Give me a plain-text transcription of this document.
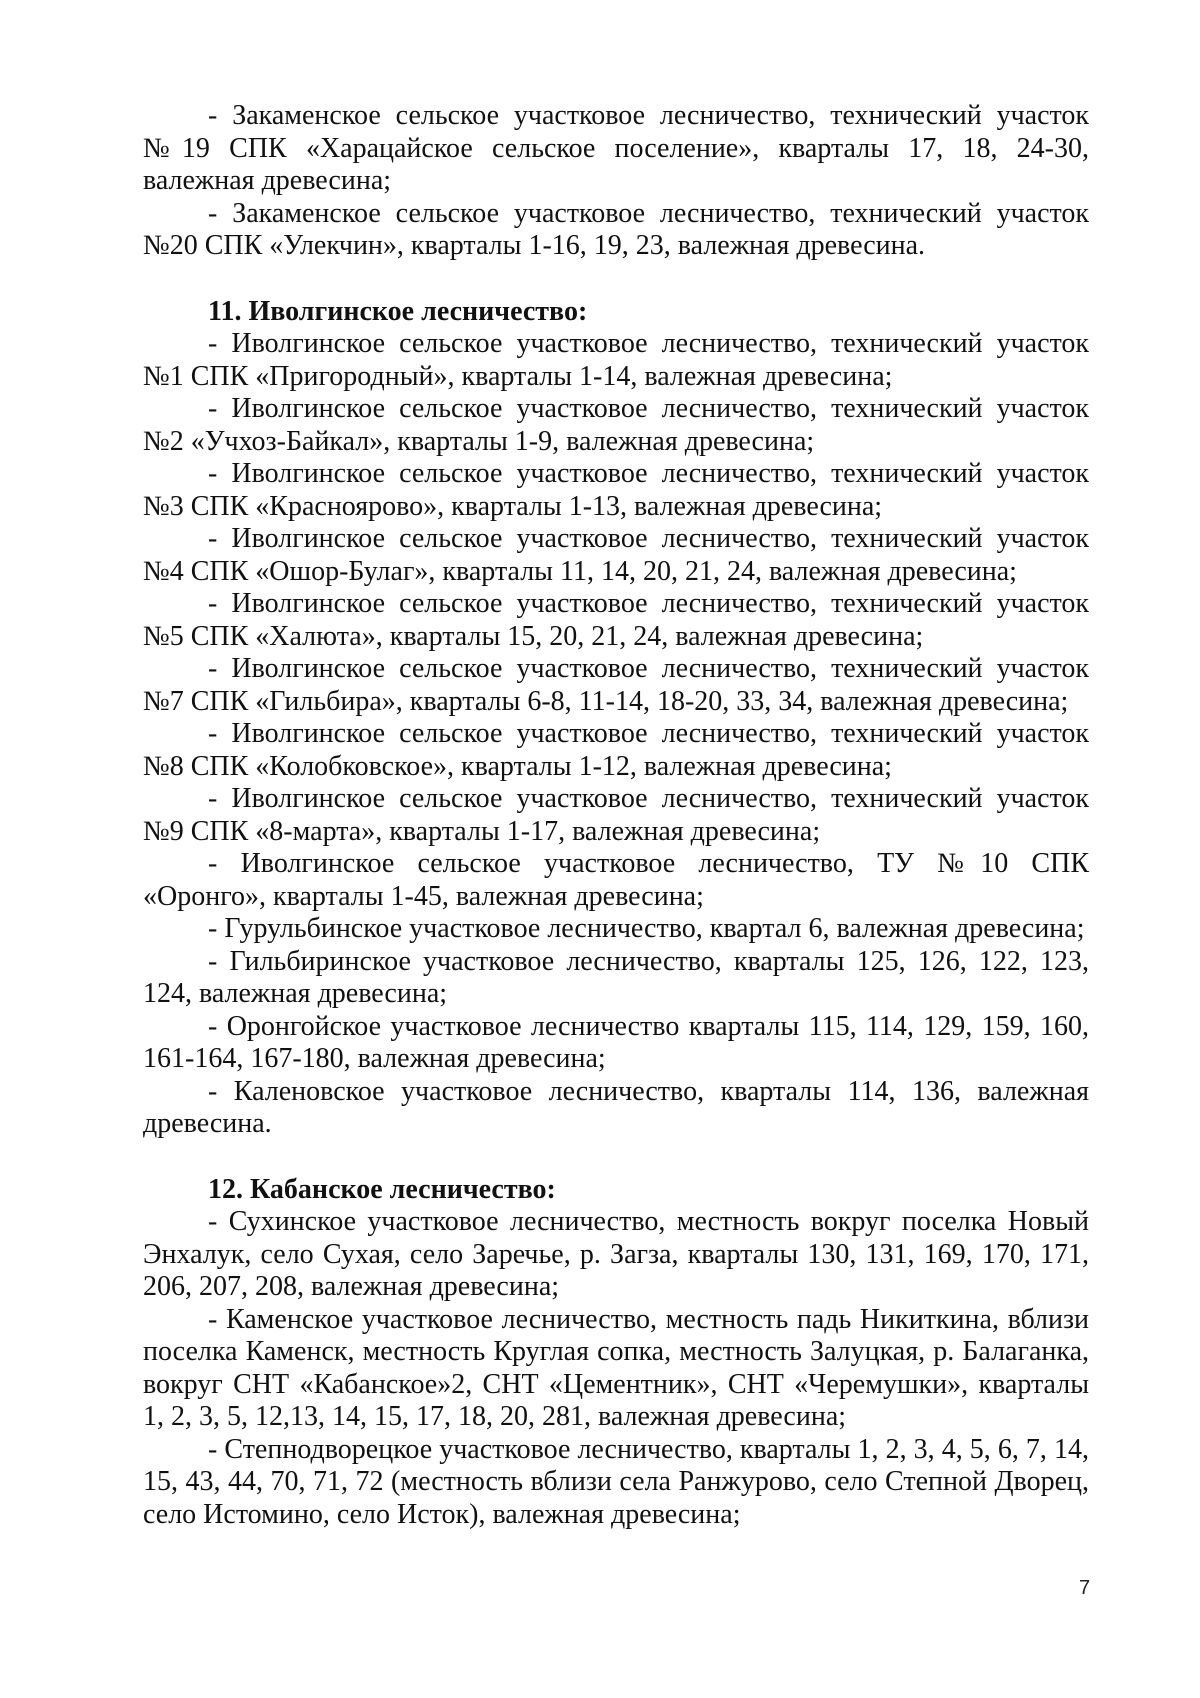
- Закаменское сельское участковое лесничество, технический участок №19 СПК «Харацайское сельское поселение», кварталы 17, 18, 24-30, валежная древесина;

- Закаменское сельское участковое лесничество, технический участок №20 СПК «Улекчин», кварталы 1-16, 19, 23, валежная древесина.

11. Иволгинское лесничество:

- Иволгинское сельское участковое лесничество, технический участок №1 СПК «Пригородный», кварталы 1-14, валежная древесина;

- Иволгинское сельское участковое лесничество, технический участок №2 «Учхоз-Байкал», кварталы 1-9, валежная древесина;

- Иволгинское сельское участковое лесничество, технический участок №3 СПК «Красноярово», кварталы 1-13, валежная древесина;

- Иволгинское сельское участковое лесничество, технический участок №4 СПК «Ошор-Булаг», кварталы 11, 14, 20, 21, 24, валежная древесина;

- Иволгинское сельское участковое лесничество, технический участок №5 СПК «Халюта», кварталы 15, 20, 21, 24, валежная древесина;

- Иволгинское сельское участковое лесничество, технический участок №7 СПК «Гильбира», кварталы 6-8, 11-14, 18-20, 33, 34, валежная древесина;

- Иволгинское сельское участковое лесничество, технический участок №8 СПК «Колобковское», кварталы 1-12, валежная древесина;

- Иволгинское сельское участковое лесничество, технический участок №9 СПК «8-марта», кварталы 1-17, валежная древесина;

- Иволгинское сельское участковое лесничество, ТУ №10 СПК «Оронго», кварталы 1-45, валежная древесина;

- Гурульбинское участковое лесничество, квартал 6, валежная древесина;

- Гильбиринское участковое лесничество, кварталы 125, 126, 122, 123, 124, валежная древесина;

- Оронгойское участковое лесничество кварталы 115, 114, 129, 159, 160, 161-164, 167-180, валежная древесина;

- Каленовское участковое лесничество, кварталы 114, 136, валежная древесина.

12. Кабанское лесничество:

- Сухинское участковое лесничество, местность вокруг поселка Новый Энхалук, село Сухая, село Заречье, р. Загза, кварталы 130, 131, 169, 170, 171, 206, 207, 208, валежная древесина;

- Каменское участковое лесничество, местность падь Никиткина, вблизи поселка Каменск, местность Круглая сопка, местность Залуцкая, р. Балаганка, вокруг СНТ «Кабанское»2, СНТ «Цементник», СНТ «Черемушки», кварталы 1, 2, 3, 5, 12,13, 14, 15, 17, 18, 20, 281, валежная древесина;

- Степнодворецкое участковое лесничество, кварталы 1, 2, 3, 4, 5, 6, 7, 14, 15, 43, 44, 70, 71, 72 (местность вблизи села Ранжурово, село Степной Дворец, село Истомино, село Исток), валежная древесина;

7
